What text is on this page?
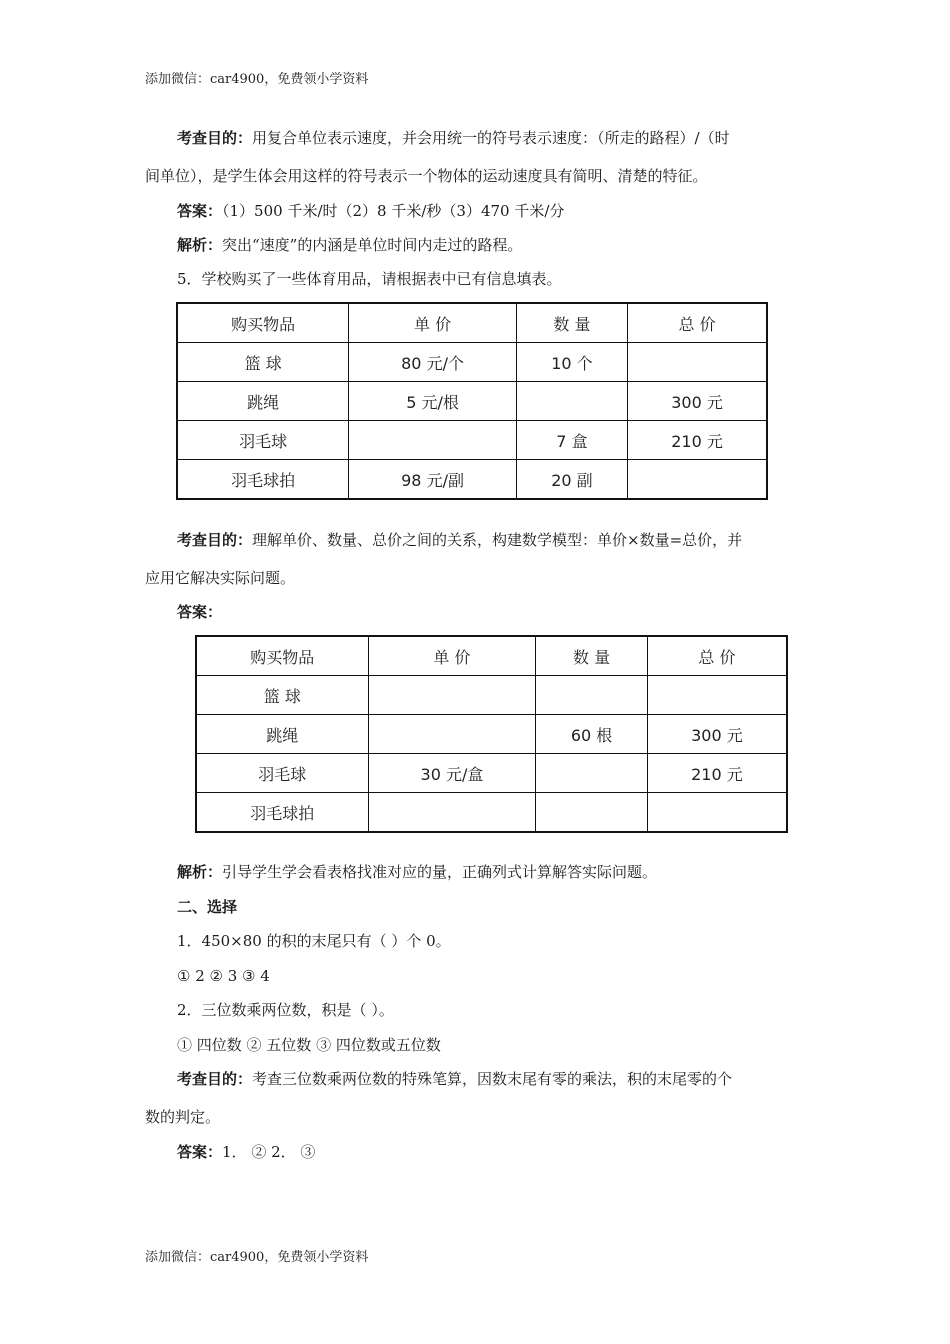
添加微信：car4900，免费领小学资料
考查目的：用复合单位表示速度，并会用统一的符号表示速度：（所走的路程）/（时
间单位），是学生体会用这样的符号表示一个物体的运动速度具有简明、清楚的特征。
答案：（1）500 千米/时（2）8 千米/秒（3）470 千米/分
解析：突出“速度”的内涵是单位时间内走过的路程。
5．学校购买了一些体育用品，请根据表中已有信息填表。
购买物品	单 价	数 量	总 价
篮 球	80 元/个	10 个	
跳绳	5 元/根		300 元
羽毛球		7 盒	210 元
羽毛球拍	98 元/副	20 副	
考查目的：理解单价、数量、总价之间的关系，构建数学模型：单价×数量=总价，并
应用它解决实际问题。
答案：
购买物品	单 价	数 量	总 价
篮 球			
跳绳		60 根	300 元
羽毛球	30 元/盒		210 元
羽毛球拍			
解析：引导学生学会看表格找准对应的量，正确列式计算解答实际问题。
二、选择
1．450×80 的积的末尾只有（ ）个 0。
① 2 ② 3 ③ 4
2．三位数乘两位数，积是（ ）。
① 四位数 ② 五位数 ③ 四位数或五位数
考查目的：考查三位数乘两位数的特殊笔算，因数末尾有零的乘法，积的末尾零的个
数的判定。
答案：1． ② 2． ③
添加微信：car4900，免费领小学资料
